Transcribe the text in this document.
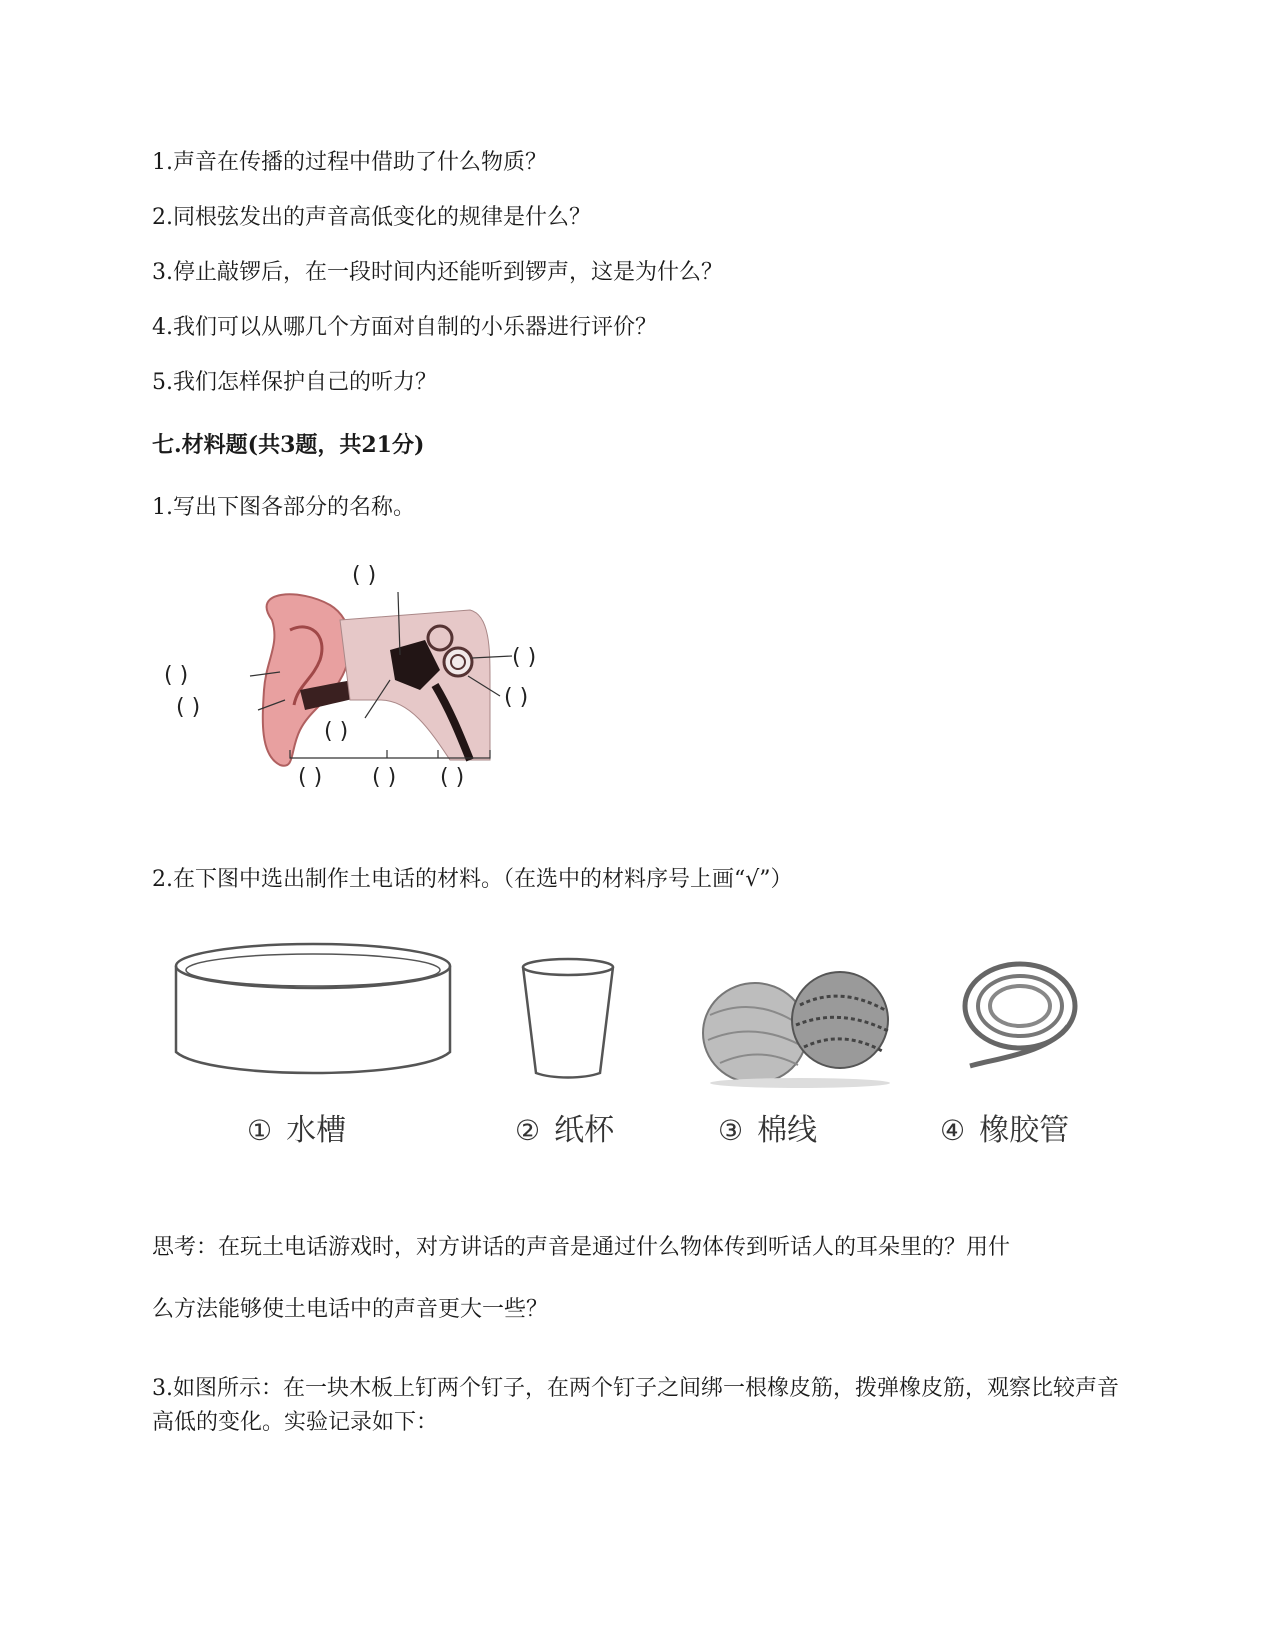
1.声音在传播的过程中借助了什么物质？
2.同根弦发出的声音高低变化的规律是什么？
3.停止敲锣后，在一段时间内还能听到锣声，这是为什么？
4.我们可以从哪几个方面对自制的小乐器进行评价？
5.我们怎样保护自己的听力？
七.材料题(共3题，共21分)
1.写出下图各部分的名称。
( )
( )
( )
( )
( )
( )
( ) ( ) ( )
2.在下图中选出制作土电话的材料。（在选中的材料序号上画“√”）
① 水槽	② 纸杯	③ 棉线	④ 橡胶管
思考：在玩土电话游戏时，对方讲话的声音是通过什么物体传到听话人的耳朵里的？用什
么方法能够使土电话中的声音更大一些？
3.如图所示：在一块木板上钉两个钉子，在两个钉子之间绑一根橡皮筋，拨弹橡皮筋，观察比较声音高低的变化。实验记录如下：
